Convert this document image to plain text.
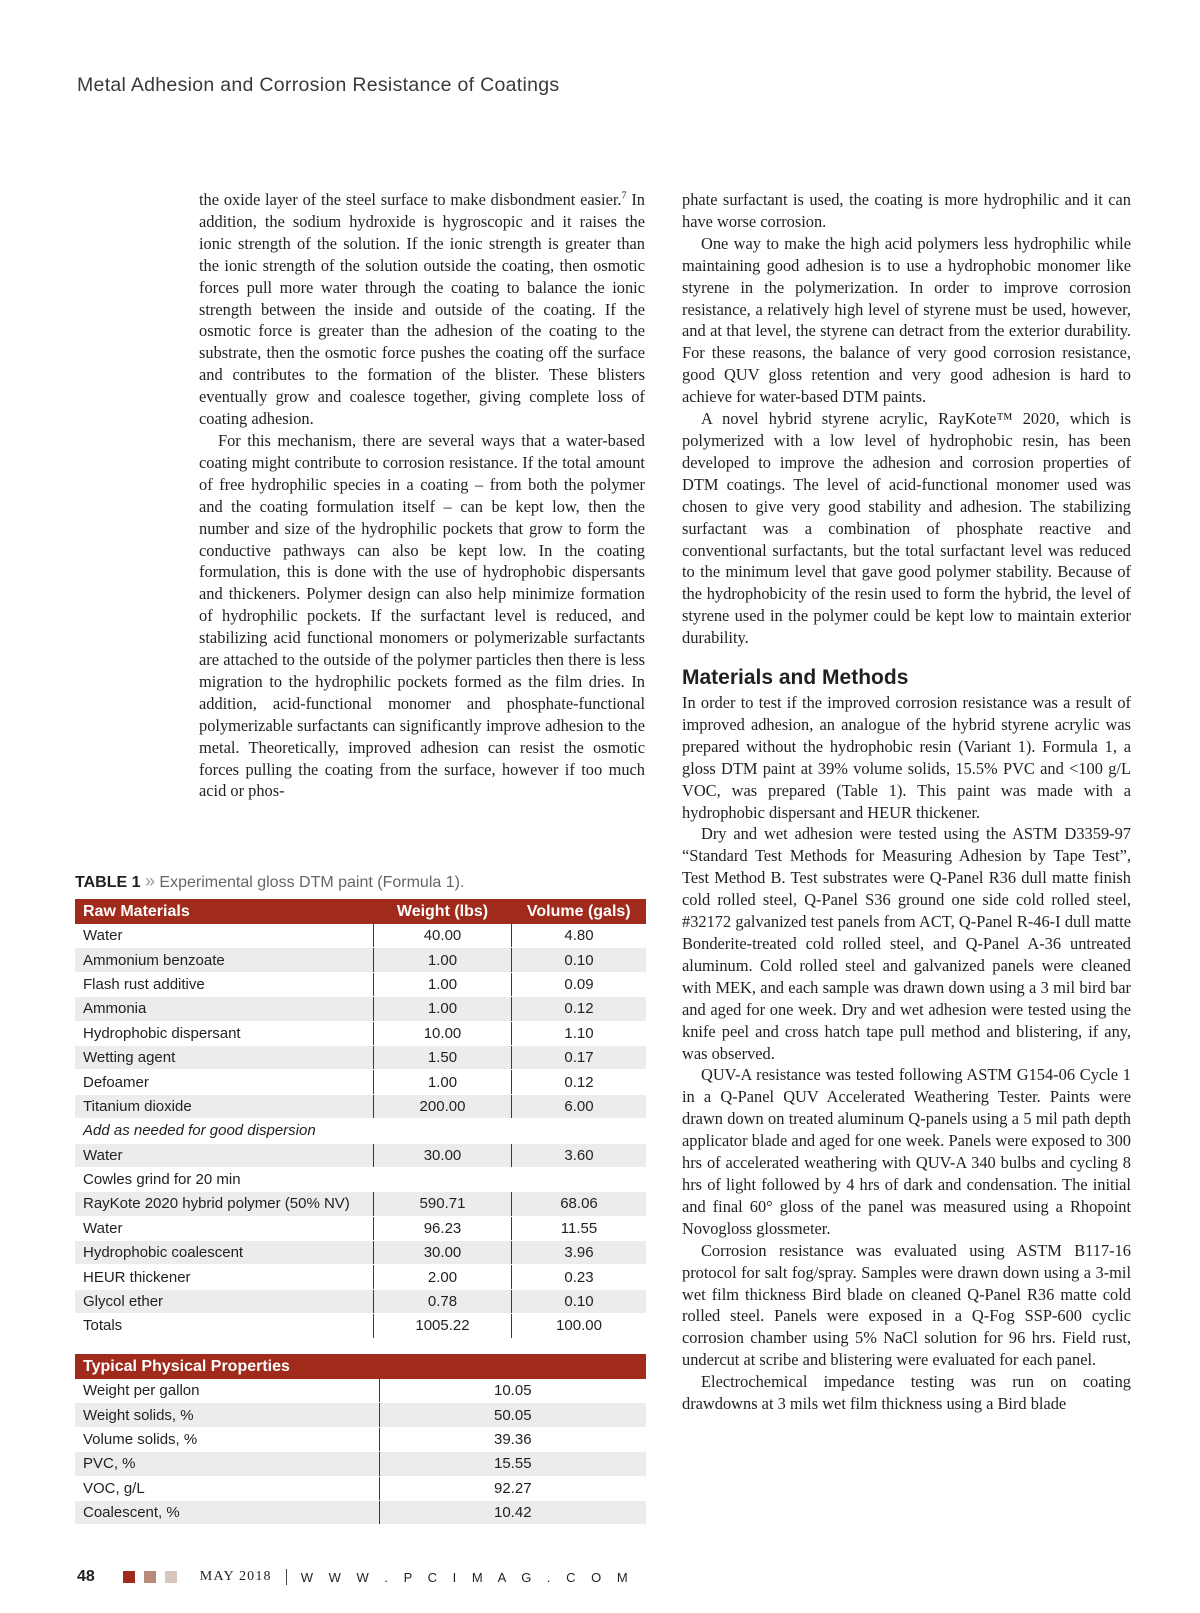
Metal Adhesion and Corrosion Resistance of Coatings

the oxide layer of the steel surface to make disbondment easier.$^7$ In addition, the sodium hydroxide is hygroscopic and it raises the ionic strength of the solution. If the ionic strength is greater than the ionic strength of the solution outside the coating, then osmotic forces pull more water through the coating to balance the ionic strength between the inside and outside of the coating. If the osmotic force is greater than the adhesion of the coating to the substrate, then the osmotic force pushes the coating off the surface and contributes to the formation of the blister. These blisters eventually grow and coalesce together, giving complete loss of coating adhesion.

For this mechanism, there are several ways that a water-based coating might contribute to corrosion resistance. If the total amount of free hydrophilic species in a coating – from both the polymer and the coating formulation itself – can be kept low, then the number and size of the hydrophilic pockets that grow to form the conductive pathways can also be kept low. In the coating formulation, this is done with the use of hydrophobic dispersants and thickeners. Polymer design can also help minimize formation of hydrophilic pockets. If the surfactant level is reduced, and stabilizing acid functional monomers or polymerizable surfactants are attached to the outside of the polymer particles then there is less migration to the hydrophilic pockets formed as the film dries. In addition, acid-functional monomer and phosphate-functional polymerizable surfactants can significantly improve adhesion to the metal. Theoretically, improved adhesion can resist the osmotic forces pulling the coating from the surface, however if too much acid or phos-

phate surfactant is used, the coating is more hydrophilic and it can have worse corrosion.

One way to make the high acid polymers less hydrophilic while maintaining good adhesion is to use a hydrophobic monomer like styrene in the polymerization. In order to improve corrosion resistance, a relatively high level of styrene must be used, however, and at that level, the styrene can detract from the exterior durability. For these reasons, the balance of very good corrosion resistance, good QUV gloss retention and very good adhesion is hard to achieve for water-based DTM paints.

A novel hybrid styrene acrylic, RayKote™ 2020, which is polymerized with a low level of hydrophobic resin, has been developed to improve the adhesion and corrosion properties of DTM coatings. The level of acid-functional monomer used was chosen to give very good stability and adhesion. The stabilizing surfactant was a combination of phosphate reactive and conventional surfactants, but the total surfactant level was reduced to the minimum level that gave good polymer stability. Because of the hydrophobicity of the resin used to form the hybrid, the level of styrene used in the polymer could be kept low to maintain exterior durability.

Materials and Methods

In order to test if the improved corrosion resistance was a result of improved adhesion, an analogue of the hybrid styrene acrylic was prepared without the hydrophobic resin (Variant 1). Formula 1, a gloss DTM paint at 39% volume solids, 15.5% PVC and <100 g/L VOC, was prepared (Table 1). This paint was made with a hydrophobic dispersant and HEUR thickener.

Dry and wet adhesion were tested using the ASTM D3359-97 “Standard Test Methods for Measuring Adhesion by Tape Test”, Test Method B. Test substrates were Q-Panel R36 dull matte finish cold rolled steel, Q-Panel S36 ground one side cold rolled steel, #32172 galvanized test panels from ACT, Q-Panel R-46-I dull matte Bonderite-treated cold rolled steel, and Q-Panel A-36 untreated aluminum. Cold rolled steel and galvanized panels were cleaned with MEK, and each sample was drawn down using a 3 mil bird bar and aged for one week. Dry and wet adhesion were tested using the knife peel and cross hatch tape pull method and blistering, if any, was observed.

QUV-A resistance was tested following ASTM G154-06 Cycle 1 in a Q-Panel QUV Accelerated Weathering Tester. Paints were drawn down on treated aluminum Q-panels using a 5 mil path depth applicator blade and aged for one week. Panels were exposed to 300 hrs of accelerated weathering with QUV-A 340 bulbs and cycling 8 hrs of light followed by 4 hrs of dark and condensation. The initial and final 60° gloss of the panel was measured using a Rhopoint Novogloss glossmeter.

Corrosion resistance was evaluated using ASTM B117-16 protocol for salt fog/spray. Samples were drawn down using a 3-mil wet film thickness Bird blade on cleaned Q-Panel R36 matte cold rolled steel. Panels were exposed in a Q-Fog SSP-600 cyclic corrosion chamber using 5% NaCl solution for 96 hrs. Field rust, undercut at scribe and blistering were evaluated for each panel.

Electrochemical impedance testing was run on coating drawdowns at 3 mils wet film thickness using a Bird blade

TABLE 1 » Experimental gloss DTM paint (Formula 1).
Raw Materials	Weight (lbs)	Volume (gals)
Water	40.00	4.80
Ammonium benzoate	1.00	0.10
Flash rust additive	1.00	0.09
Ammonia	1.00	0.12
Hydrophobic dispersant	10.00	1.10
Wetting agent	1.50	0.17
Defoamer	1.00	0.12
Titanium dioxide	200.00	6.00
Add as needed for good dispersion		
Water	30.00	3.60
Cowles grind for 20 min		
RayKote 2020 hybrid polymer (50% NV)	590.71	68.06
Water	96.23	11.55
Hydrophobic coalescent	30.00	3.96
HEUR thickener	2.00	0.23
Glycol ether	0.78	0.10
Totals	1005.22	100.00
Typical Physical Properties	
Weight per gallon	10.05
Weight solids, %	50.05
Volume solids, %	39.36
PVC, %	15.55
VOC, g/L	92.27
Coalescent, %	10.42
48	MAY 2018 W W W . P C I M A G . C O M
